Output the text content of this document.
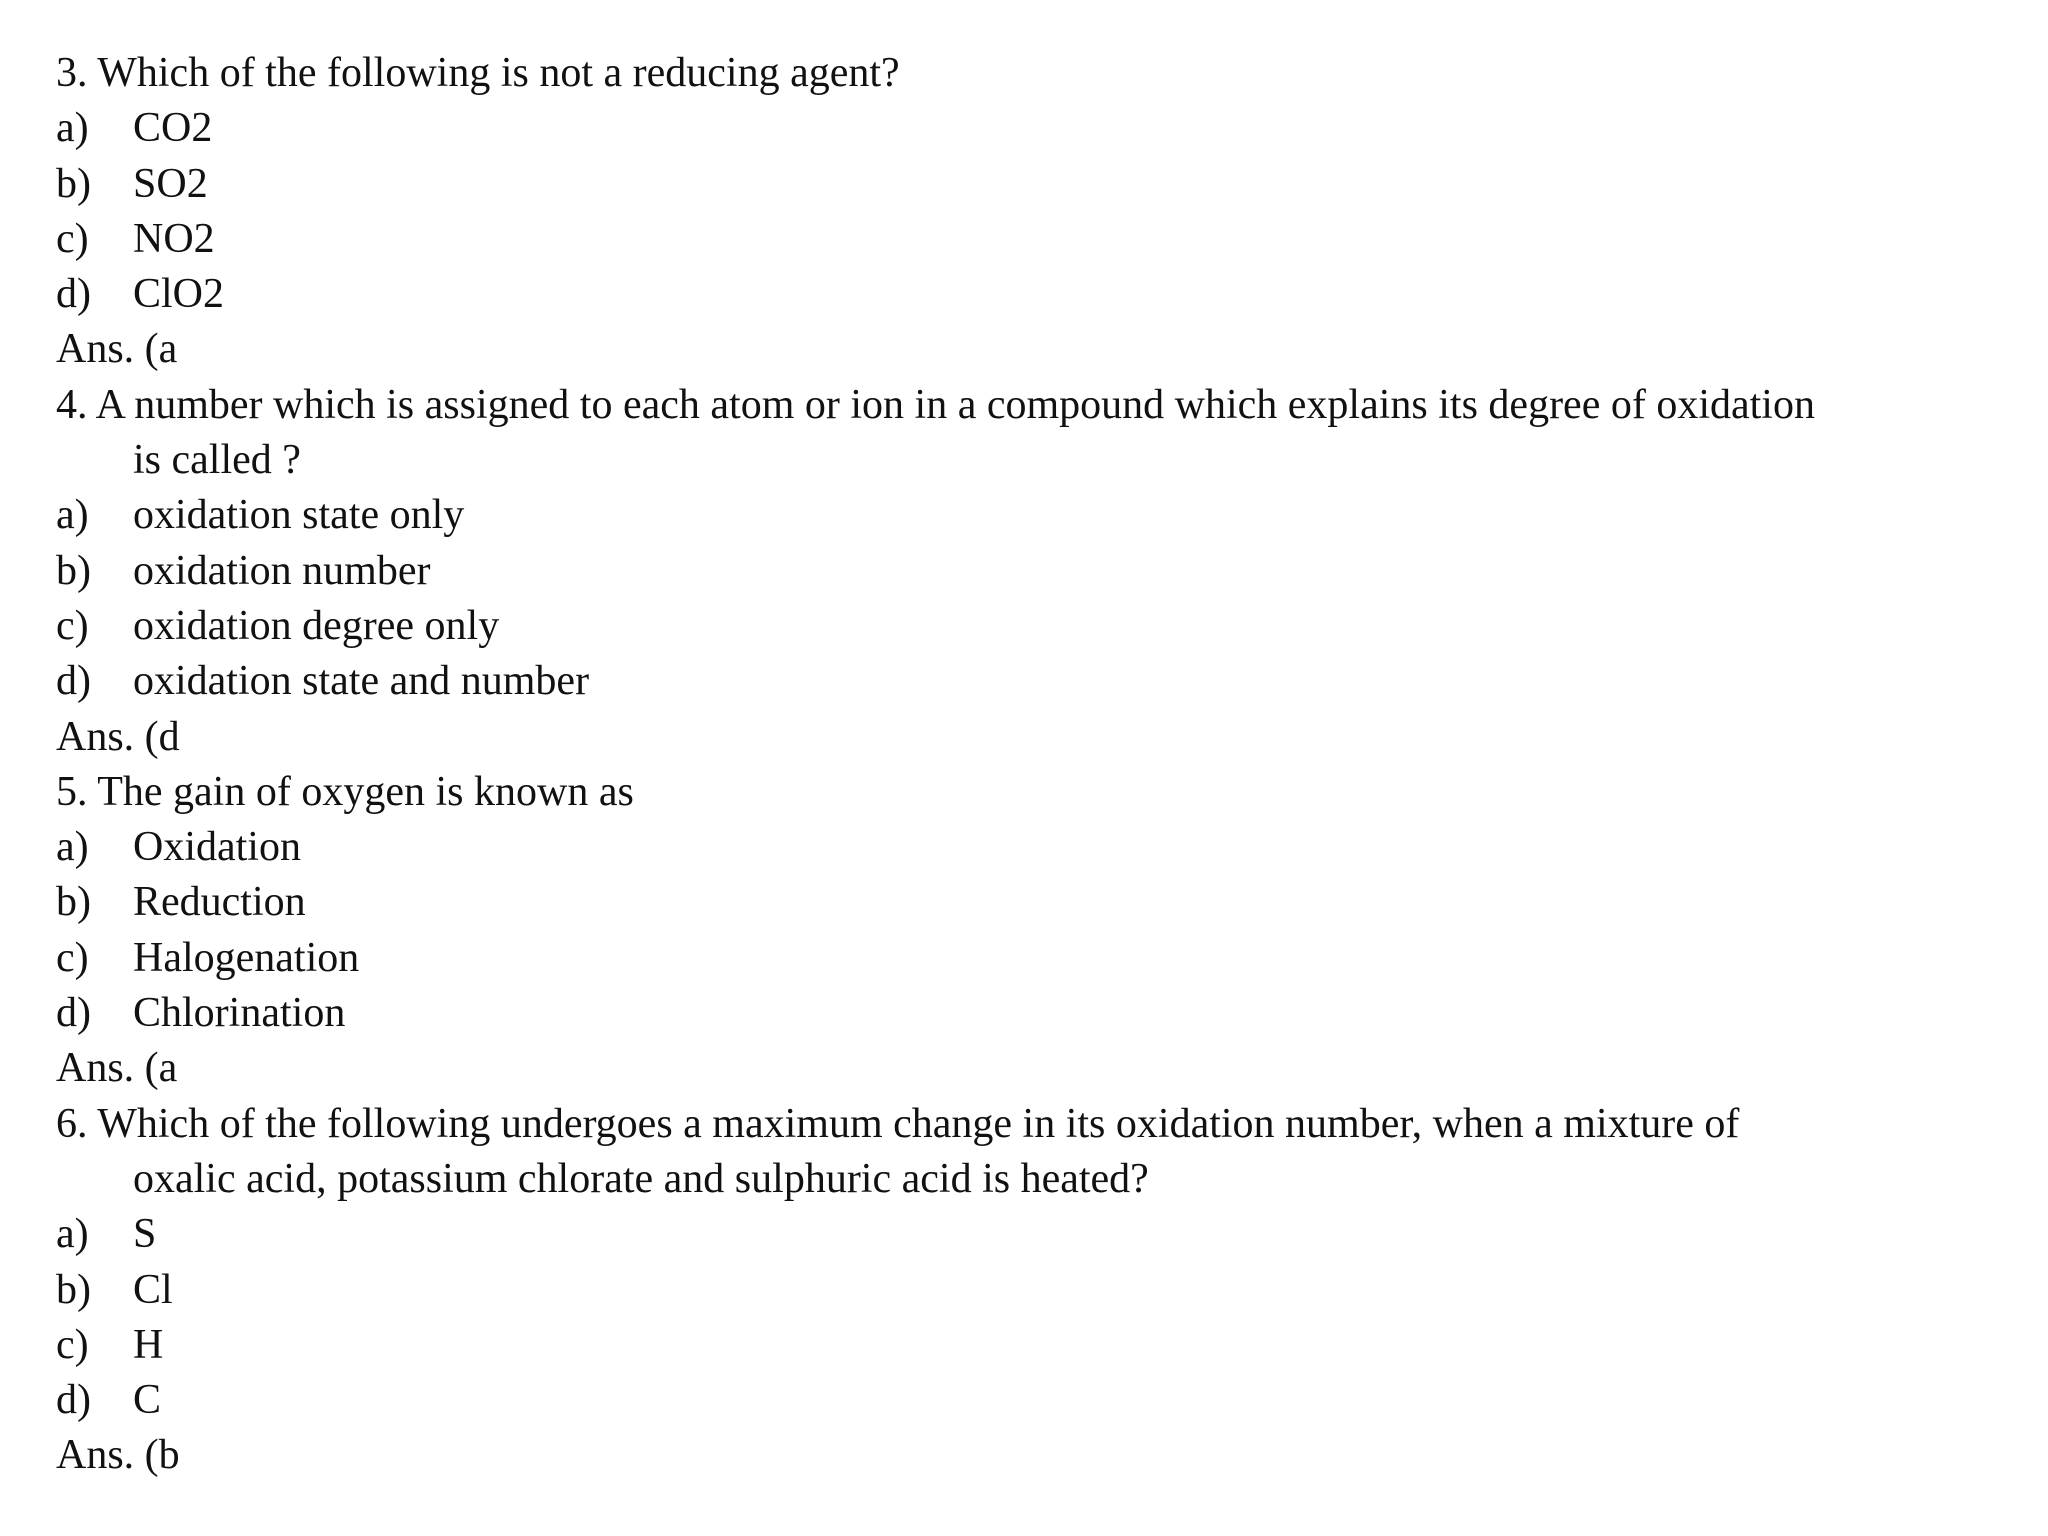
3. Which of the following is not a reducing agent?
a)	CO2
b)	SO2
c)	NO2
d)	ClO2
Ans. (a
4. A number which is assigned to each atom or ion in a compound which explains its degree of oxidation
is called ?
a)	oxidation state only
b)	oxidation number
c)	oxidation degree only
d)	oxidation state and number
Ans. (d
5. The gain of oxygen is known as
a)	Oxidation
b)	Reduction
c)	Halogenation
d)	Chlorination
Ans. (a
6. Which of the following undergoes a maximum change in its oxidation number, when a mixture of
oxalic acid, potassium chlorate and sulphuric acid is heated?
a)	S
b)	Cl
c)	H
d)	C
Ans. (b
